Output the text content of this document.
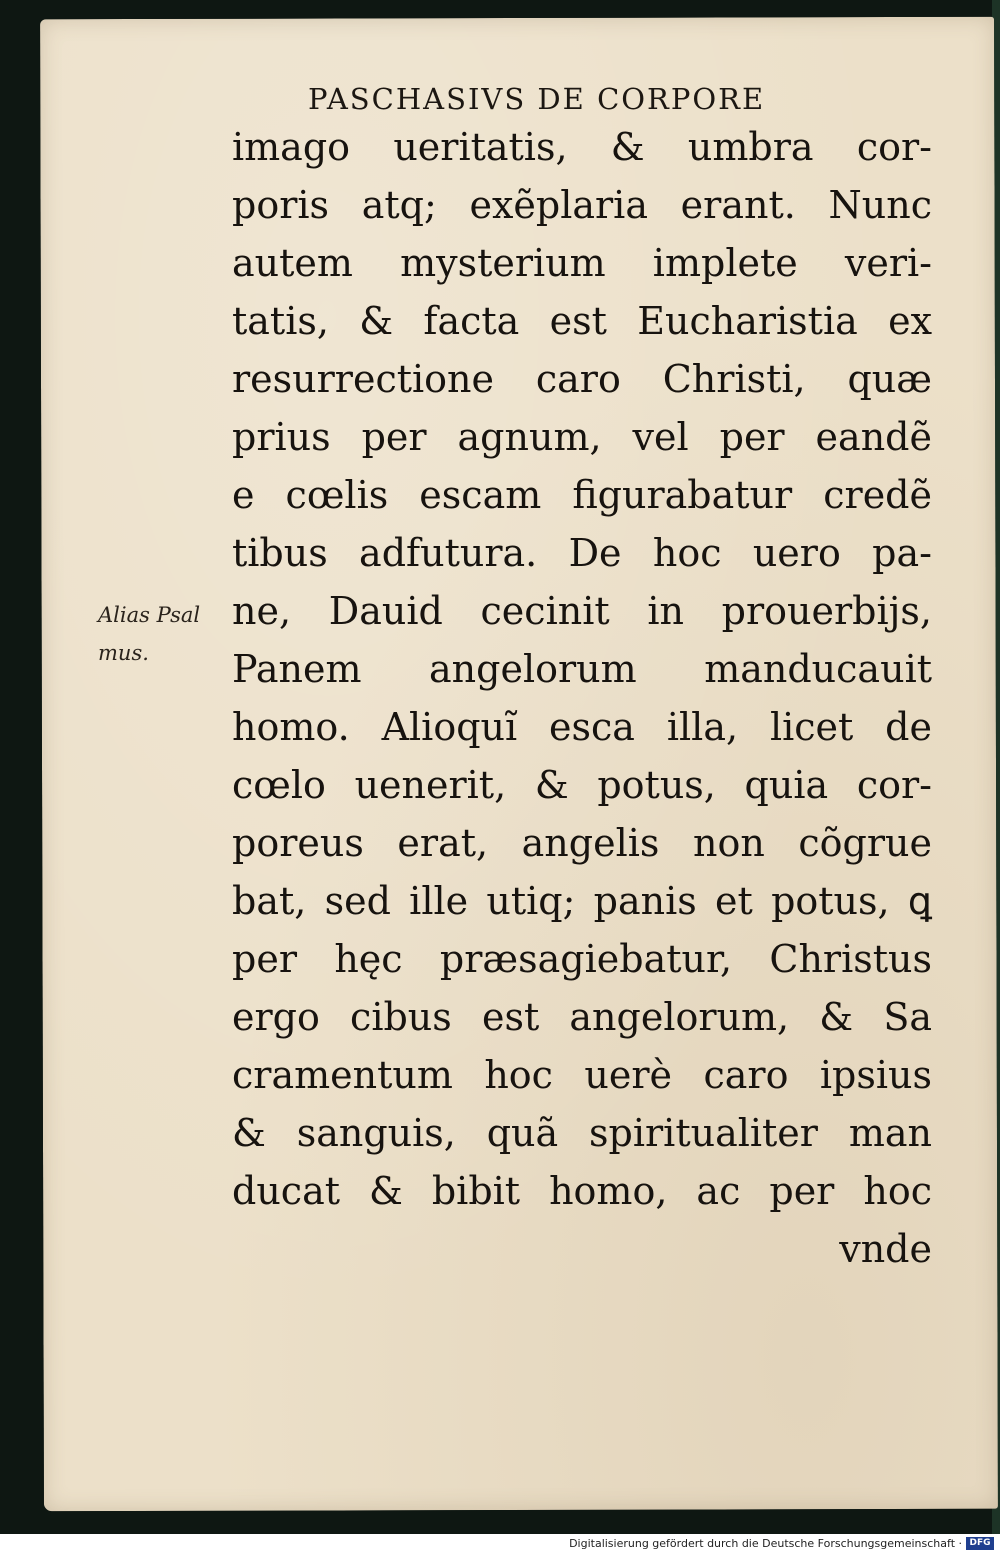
PASCHASIVS DE CORPORE
Alias Psal
mus.
imago ueritatis, & umbra cor-
poris atq; exẽplaria erant. Nunc
autem mysterium implete veri-
tatis, & facta est Eucharistia ex
resurrectione caro Christi, quæ
prius per agnum, vel per eandẽ
e cœlis escam figurabatur credẽ
tibus adfutura. De hoc uero pa-
ne, Dauid cecinit in prouerbijs,
Panem angelorum manducauit
homo. Alioquĩ esca illa, licet de
cœlo uenerit, & potus, quia cor-
poreus erat, angelis non cõgrue
bat, sed ille utiq; panis et potus, ꝗ
per hęc præsagiebatur, Christus
ergo cibus est angelorum, & Sa
cramentum hoc uerè caro ipsius
& sanguis, quã spiritualiter man
ducat & bibit homo, ac per hoc
vnde
Digitalisierung gefördert durch die Deutsche Forschungsgemeinschaft · DFG
